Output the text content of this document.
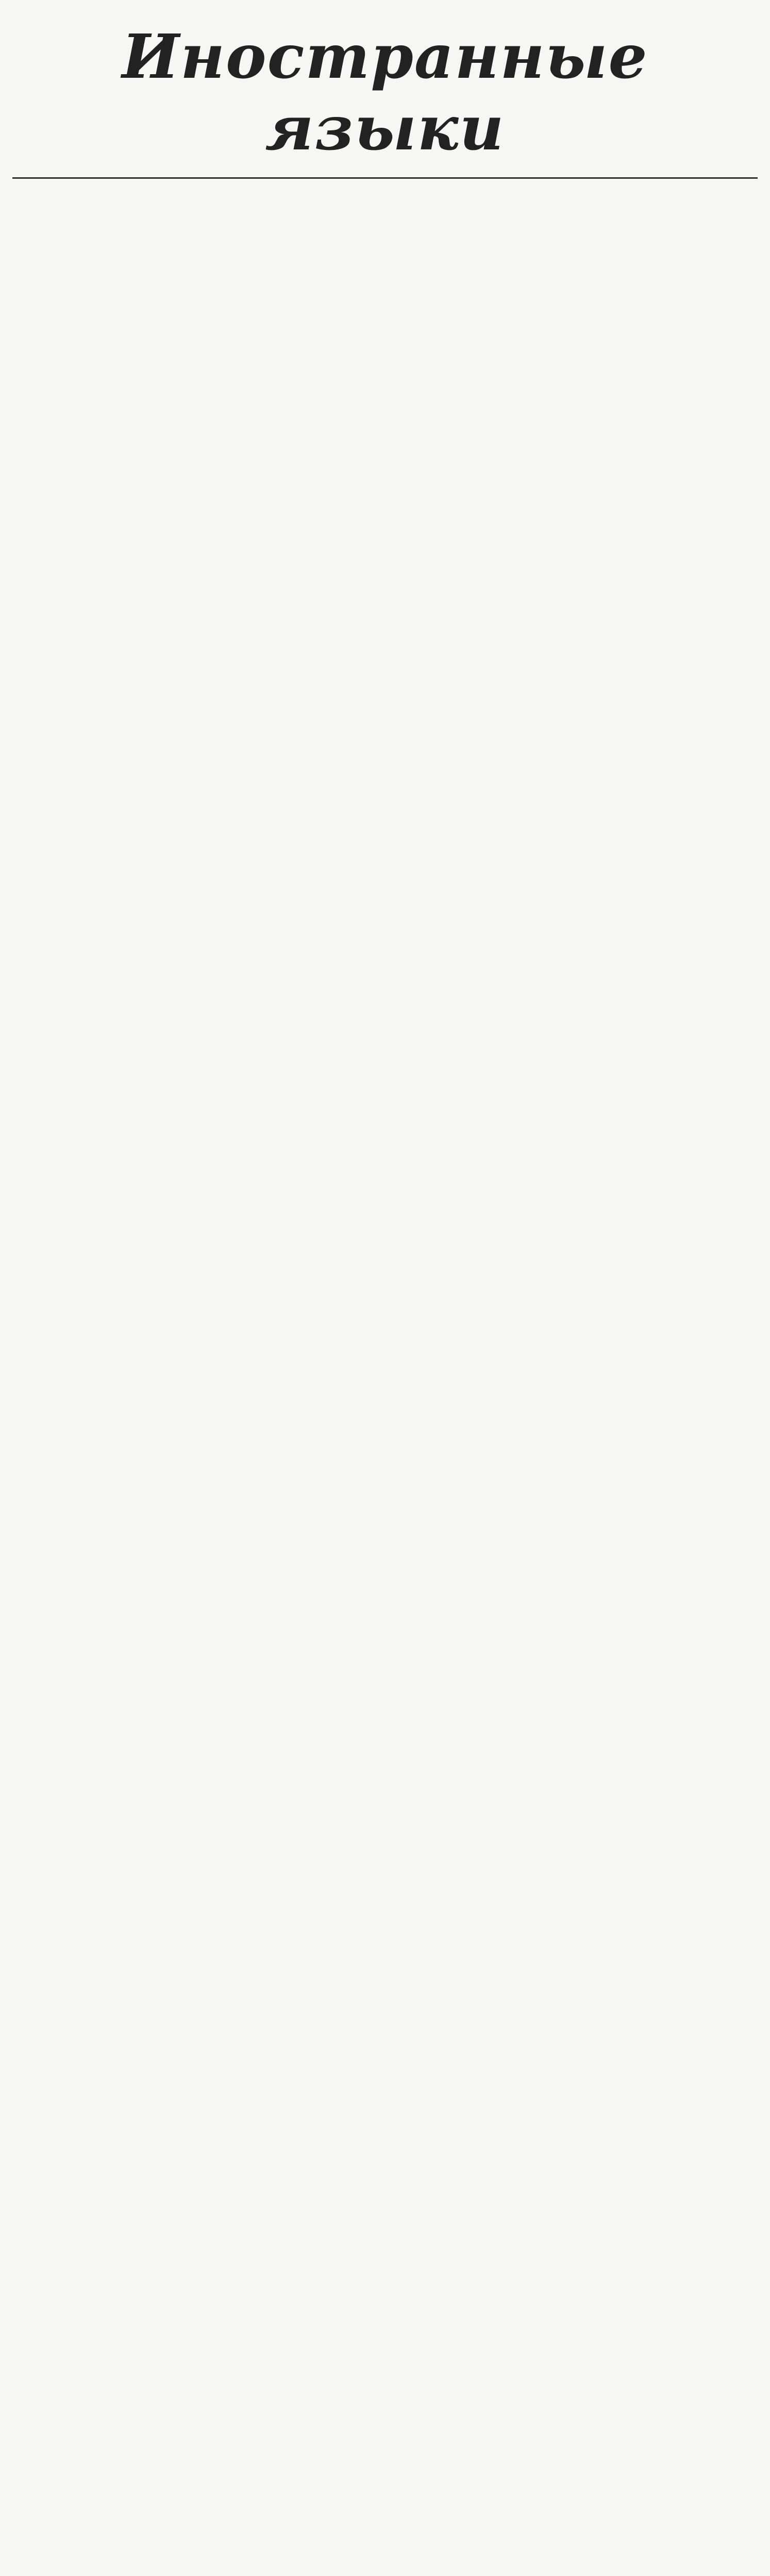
Иностранные языки
